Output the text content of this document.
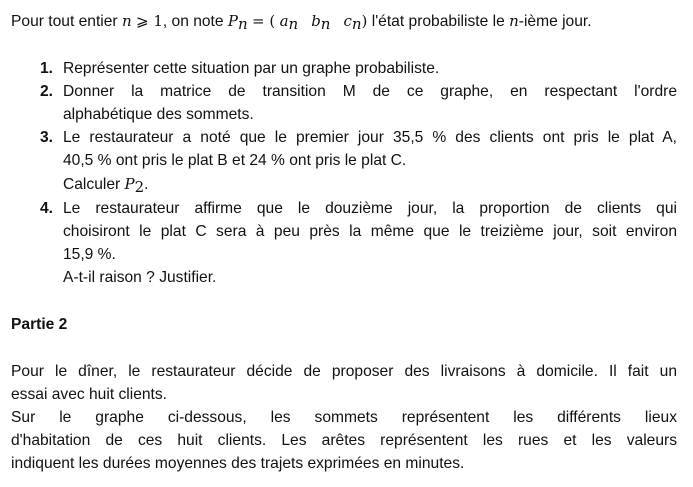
Pour tout entier n ⩾ 1, on note $P_n$ = ( $a_n$ $b_n$ $c_n$) l'état probabiliste le n-ième jour.
1. Représenter cette situation par un graphe probabiliste.
2. Donner la matrice de transition M de ce graphe, en respectant l'ordre
alphabétique des sommets.
3. Le restaurateur a noté que le premier jour 35,5 % des clients ont pris le plat A,
40,5 % ont pris le plat B et 24 % ont pris le plat C.
Calculer $P_2$.
4. Le restaurateur affirme que le douzième jour, la proportion de clients qui
choisiront le plat C sera à peu près la même que le treizième jour, soit environ
15,9 %.
A-t-il raison ? Justifier.
Partie 2
Pour le dîner, le restaurateur décide de proposer des livraisons à domicile. Il fait un
essai avec huit clients.
Sur le graphe ci-dessous, les sommets représentent les différents lieux
d'habitation de ces huit clients. Les arêtes représentent les rues et les valeurs
indiquent les durées moyennes des trajets exprimées en minutes.
